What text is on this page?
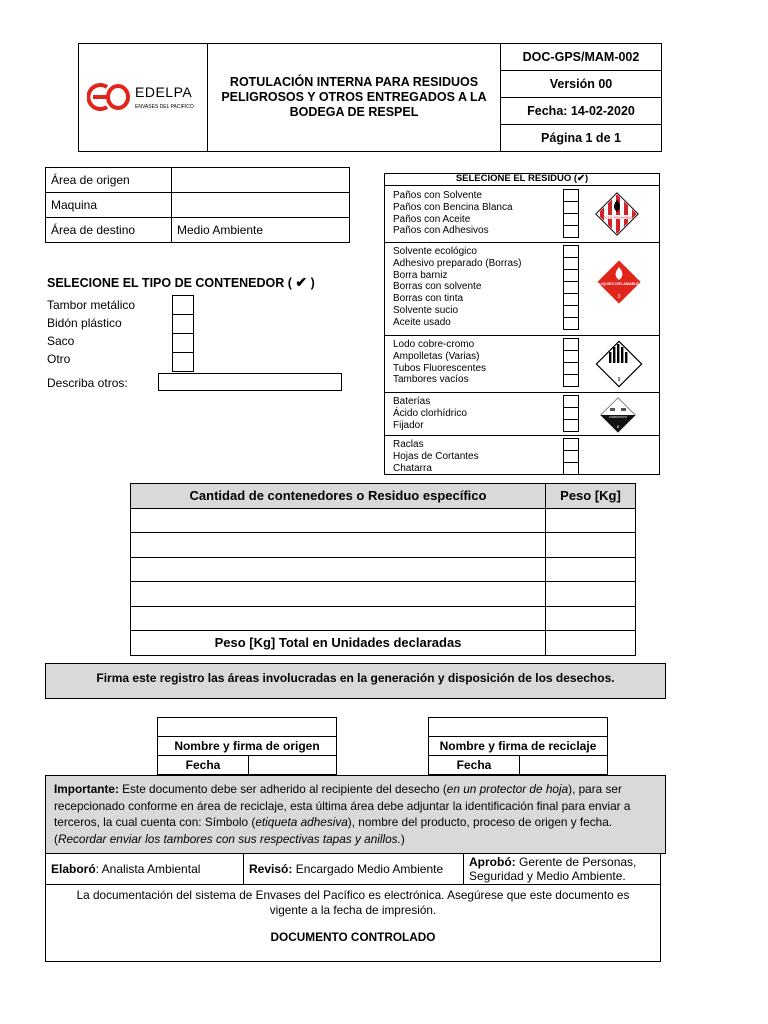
EDELPA
ENVASES DEL PACIFICO
	ROTULACIÓN INTERNA PARA RESIDUOS PELIGROSOS Y OTROS ENTREGADOS A LA BODEGA DE RESPEL	DOC-GPS/MAM-002
Versión 00
Fecha: 14-02-2020
Página 1 de 1
Área de origen	
Maquina	
Área de destino	Medio Ambiente
SELECIONE EL TIPO DE CONTENEDOR ( ✔ )
Tambor metálico
Bidón plástico
Saco
Otro
Describa otros:
SELECIONE EL RESIDUO (✔)
Paños con Solvente
Paños con Bencina Blanca
Paños con Aceite
Paños con Adhesivos
SÓLIDO INFLAMABLE
Solvente ecológico
Adhesivo preparado (Borras)
Borra barniz
Borras con solvente
Borras con tinta
Solvente sucio
Aceite usado
LIQUIDO INFLAMABLE
3
Lodo cobre-cromo
Ampolletas (Varias)
Tubos Fluorescentes
Tambores vacíos	9
Baterías
Ácido clorhídrico
Fijador
CORROSIVO
8
Raclas
Hojas de Cortantes
Chatarra
Cantidad de contenedores o Residuo específico	Peso [Kg]

Peso [Kg] Total en Unidades declaradas	
Firma este registro las áreas involucradas en la generación y disposición de los desechos.

Nombre y firma de origen
Fecha	

Nombre y firma de reciclaje
Fecha	
Importante: Este documento debe ser adherido al recipiente del desecho (en un protector de hoja), para ser recepcionado conforme en área de reciclaje, esta última área debe adjuntar la identificación final para enviar a terceros, la cual cuenta con: Símbolo (etiqueta adhesiva), nombre del producto, proceso de origen y fecha. (Recordar enviar los tambores con sus respectivas tapas y anillos.)
Elaboró : Analista Ambiental	Revisó: Encargado Medio Ambiente Aprobó: Gerente de Personas, Seguridad y Medio Ambiente.
La documentación del sistema de Envases del Pacífico es electrónica. Asegúrese que este documento es vigente a la fecha de impresión.
DOCUMENTO CONTROLADO
